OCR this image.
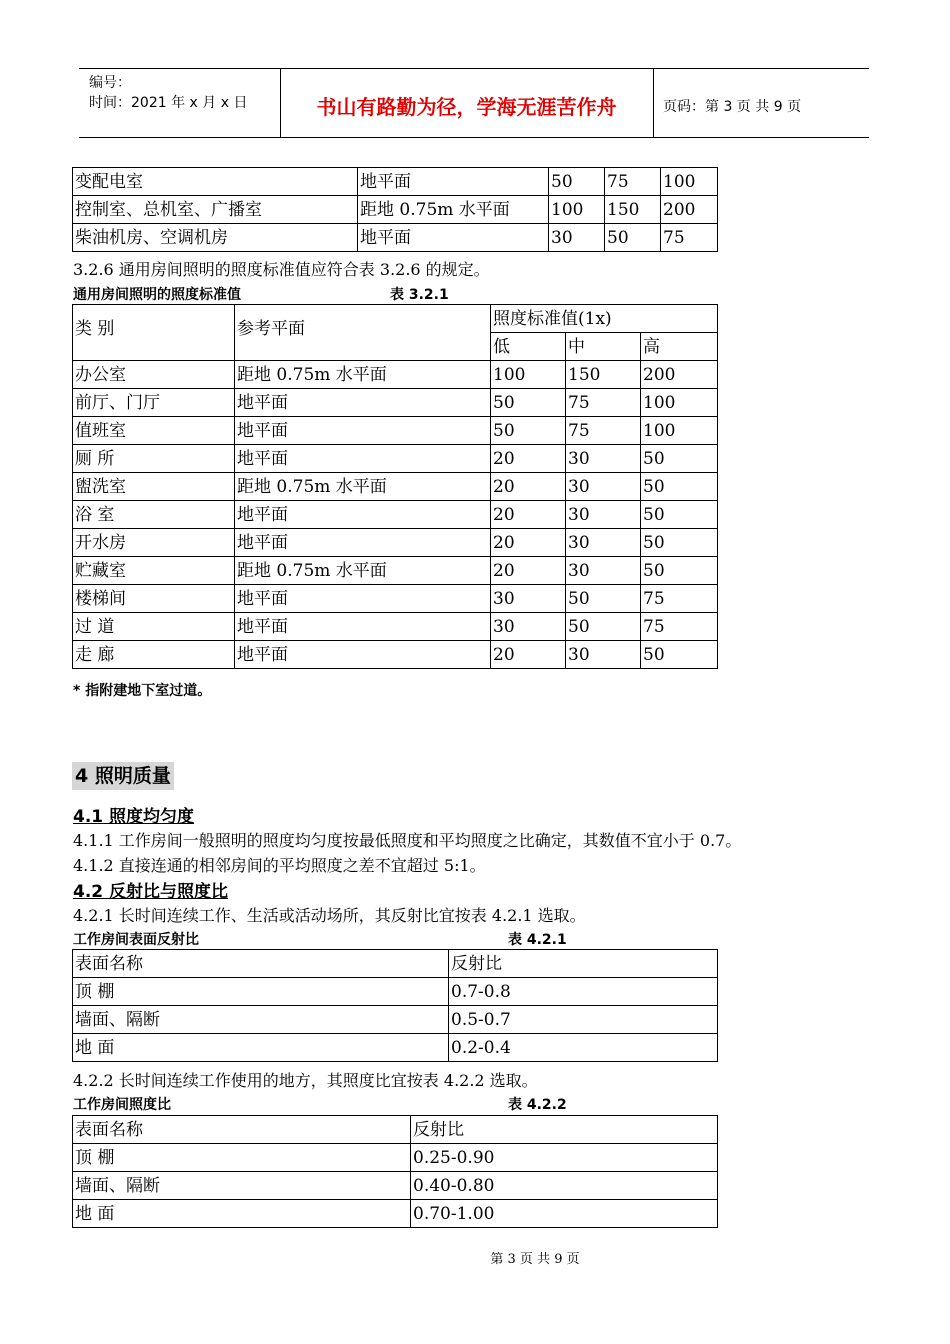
编号：
时间：2021 年 x 月 x 日	书山有路勤为径，学海无涯苦作舟	页码：第 3 页 共 9 页
变配电室	地平面	50	75	100
控制室、总机室、广播室	距地 0.75m 水平面	100	150	200
柴油机房、空调机房	地平面	30	50	75
3.2.6 通用房间照明的照度标准值应符合表 3.2.6 的规定。
通用房间照明的照度标准值	表 3.2.1
类 别	参考平面	照度标准值(1x)		
		低	中	高
办公室	距地 0.75m 水平面	100	150	200
前厅、门厅	地平面	50	75	100
值班室	地平面	50	75	100
厕 所	地平面	20	30	50
盥洗室	距地 0.75m 水平面	20	30	50
浴 室	地平面	20	30	50
开水房	地平面	20	30	50
贮藏室	距地 0.75m 水平面	20	30	50
楼梯间	地平面	30	50	75
过 道	地平面	30	50	75
走 廊	地平面	20	30	50
* 指附建地下室过道。
4 照明质量
4.1 照度均匀度
4.1.1 工作房间一般照明的照度均匀度按最低照度和平均照度之比确定，其数值不宜小于 0.7。
4.1.2 直接连通的相邻房间的平均照度之差不宜超过 5:1。
4.2 反射比与照度比
4.2.1 长时间连续工作、生活或活动场所，其反射比宜按表 4.2.1 选取。
工作房间表面反射比	表 4.2.1
表面名称	反射比
顶 棚	0.7-0.8
墙面、隔断	0.5-0.7
地 面	0.2-0.4
4.2.2 长时间连续工作使用的地方，其照度比宜按表 4.2.2 选取。
工作房间照度比	表 4.2.2
表面名称	反射比
顶 棚	0.25-0.90
墙面、隔断	0.40-0.80
地 面	0.70-1.00
第 3 页 共 9 页
